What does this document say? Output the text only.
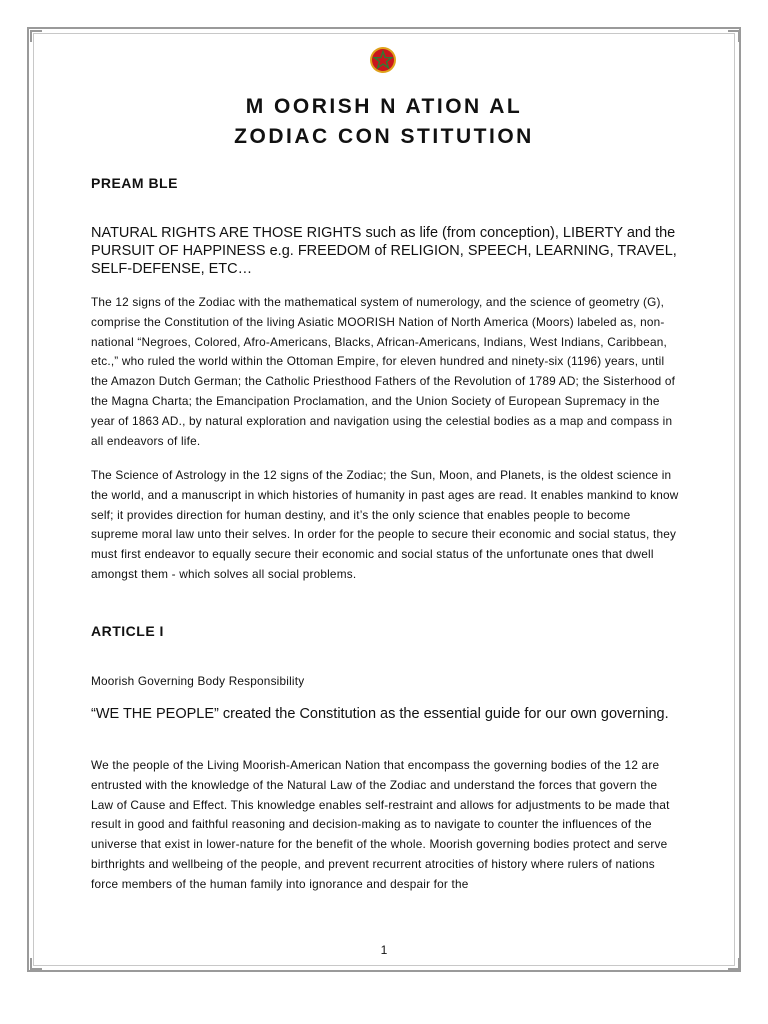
M OORISH N ATION AL
ZODIAC CON STITUTION
PREAM BLE
NATURAL RIGHTS ARE THOSE RIGHTS such as life (from conception), LIBERTY and the PURSUIT OF HAPPINESS e.g. FREEDOM of RELIGION, SPEECH, LEARNING, TRAVEL, SELF-DEFENSE, ETC…
The 12 signs of the Zodiac with the mathematical system of numerology, and the science of geometry (G), comprise the Constitution of the living Asiatic MOORISH Nation of North America (Moors) labeled as, non-national “Negroes, Colored, Afro-Americans, Blacks, African-Americans, Indians, West Indians, Caribbean, etc.,” who ruled the world within the Ottoman Empire, for eleven hundred and ninety-six (1196) years, until the Amazon Dutch German; the Catholic Priesthood Fathers of the Revolution of 1789 AD; the Sisterhood of the Magna Charta; the Emancipation Proclamation, and the Union Society of European Supremacy in the year of 1863 AD., by natural exploration and navigation using the celestial bodies as a map and compass in all endeavors of life.
The Science of Astrology in the 12 signs of the Zodiac; the Sun, Moon, and Planets, is the oldest science in the world, and a manuscript in which histories of humanity in past ages are read. It enables mankind to know self; it provides direction for human destiny, and it’s the only science that enables people to become supreme moral law unto their selves. In order for the people to secure their economic and social status, they must first endeavor to equally secure their economic and social status of the unfortunate ones that dwell amongst them - which solves all social problems.
ARTICLE I
Moorish Governing Body Responsibility
“WE THE PEOPLE” created the Constitution as the essential guide for our own governing.
We the people of the Living Moorish-American Nation that encompass the governing bodies of the 12 are entrusted with the knowledge of the Natural Law of the Zodiac and understand the forces that govern the Law of Cause and Effect. This knowledge enables self-restraint and allows for adjustments to be made that result in good and faithful reasoning and decision-making as to navigate to counter the influences of the universe that exist in lower-nature for the benefit of the whole. Moorish governing bodies protect and serve birthrights and wellbeing of the people, and prevent recurrent atrocities of history where rulers of nations force members of the human family into ignorance and despair for the
1
